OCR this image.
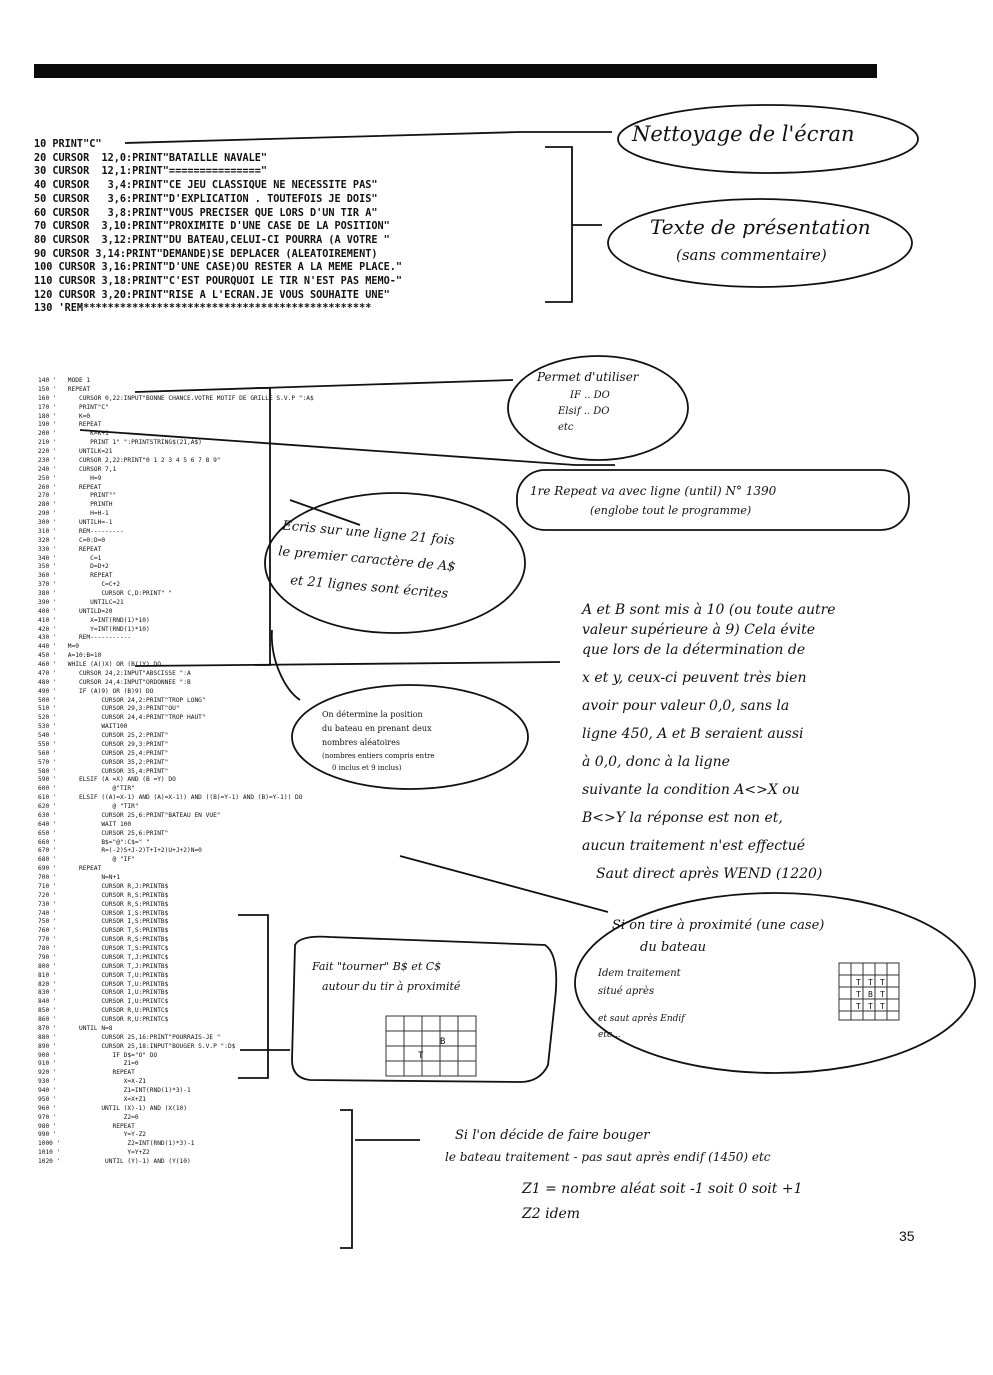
10 PRINT"C"
20 CURSOR  12,0:PRINT"BATAILLE NAVALE"
30 CURSOR  12,1:PRINT"==============="
40 CURSOR   3,4:PRINT"CE JEU CLASSIQUE NE NECESSITE PAS"
50 CURSOR   3,6:PRINT"D'EXPLICATION . TOUTEFOIS JE DOIS"
60 CURSOR   3,8:PRINT"VOUS PRECISER QUE LORS D'UN TIR A"
70 CURSOR  3,10:PRINT"PROXIMITE D'UNE CASE DE LA POSITION"
80 CURSOR  3,12:PRINT"DU BATEAU,CELUI-CI POURRA (A VOTRE "
90 CURSOR 3,14:PRINT"DEMANDE)SE DEPLACER (ALEATOIREMENT)
100 CURSOR 3,16:PRINT"D'UNE CASE)OU RESTER A LA MEME PLACE."
110 CURSOR 3,18:PRINT"C'EST POURQUOI LE TIR N'EST PAS MEMO-"
120 CURSOR 3,20:PRINT"RISE A L'ECRAN.JE VOUS SOUHAITE UNE"
130 'REM***********************************************
140 '   MODE 1
150 '   REPEAT
160 '      CURSOR 0,22:INPUT"BONNE CHANCE.VOTRE MOTIF DE GRILLE S.V.P ":A$
170 '      PRINT"C"
180 '      K=0
190 '      REPEAT
200 '         K=K+1
210 '         PRINT 1" ":PRINTSTRING$(21,A$)
220 '      UNTILK=21
230 '      CURSOR 2,22:PRINT"0 1 2 3 4 5 6 7 8 9"
240 '      CURSOR 7,1
250 '         H=9
260 '      REPEAT
270 '         PRINT""
280 '         PRINTH
290 '         H=H-1
300 '      UNTILH=-1
310 '      REM---------
320 '      C=0:D=0
330 '      REPEAT
340 '         C=1
350 '         D=D+2
360 '         REPEAT
370 '            C=C+2
380 '            CURSOR C,D:PRINT" "
390 '         UNTILC=21
400 '      UNTILD=20
410 '         X=INT(RND(1)*10)
420 '         Y=INT(RND(1)*10)
430 '      REM-----------
440 '   M=0
450 '   A=10:B=10
460 '   WHILE (A()X) OR (B()Y) DO
470 '      CURSOR 24,2:INPUT"ABSCISSE ":A
480 '      CURSOR 24,4:INPUT"ORDONNEE ":B
490 '      IF (A)9) OR (B)9) DO
500 '            CURSOR 24,2:PRINT"TROP LONG"
510 '            CURSOR 29,3:PRINT"OU"
520 '            CURSOR 24,4:PRINT"TROP HAUT"
530 '            WAIT100
540 '            CURSOR 25,2:PRINT"
550 '            CURSOR 29,3:PRINT"
560 '            CURSOR 25,4:PRINT"
570 '            CURSOR 35,2:PRINT"
580 '            CURSOR 35,4:PRINT"
590 '      ELSIF (A =X) AND (B =Y) DO
600 '               @"TIR"
610 '      ELSIF ((A)=X-1) AND (A)=X-1)) AND ((B)=Y-1) AND (B)=Y-1)) DO
620 '               @ "TIR"
630 '            CURSOR 25,6:PRINT"BATEAU EN VUE"
640 '            WAIT 100
650 '            CURSOR 25,6:PRINT"
660 '            B$="@":C$=" "
670 '            R=(-2)S+J-2)T+I+2)U+J+2)N=0
680 '               @ "IF"
690 '      REPEAT
700 '            N=N+1
710 '            CURSOR R,J:PRINTB$
720 '            CURSOR R,S:PRINTB$
730 '            CURSOR R,S:PRINTB$
740 '            CURSOR I,S:PRINTB$
750 '            CURSOR I,S:PRINTB$
760 '            CURSOR T,S:PRINTB$
770 '            CURSOR R,S:PRINTB$
780 '            CURSOR T,S:PRINTC$
790 '            CURSOR T,J:PRINTC$
800 '            CURSOR T,J:PRINTB$
810 '            CURSOR T,U:PRINTB$
820 '            CURSOR T,U:PRINTB$
830 '            CURSOR I,U:PRINTB$
840 '            CURSOR I,U:PRINTC$
850 '            CURSOR R,U:PRINTC$
860 '            CURSOR R,U:PRINTC$
870 '      UNTIL N=8
880 '            CURSOR 25,16:PRINT"POURRAIS-JE "
890 '            CURSOR 25,18:INPUT"BOUGER S.V.P ":D$
900 '               IF D$="O" DO
910 '                  Z1=0
920 '               REPEAT
930 '                  X=X-Z1
940 '                  Z1=INT(RND(1)*3)-1
950 '                  X=X+Z1
960 '            UNTIL (X)-1) AND (X(10)
970 '                  Z2=0
980 '               REPEAT
990 '                  Y=Y-Z2
1000 '                  Z2=INT(RND(1)*3)-1
1010 '                  Y=Y+Z2
1020 '            UNTIL (Y)-1) AND (Y(10)
T T T
T B T
T T T
B
T
Nettoyage de l'écran
Texte de présentation
(sans commentaire)
Permet d'utiliser
IF .. DO
Elsif .. DO
etc
1re Repeat va avec ligne (until) N° 1390
(englobe tout le programme)
Ecris sur une ligne 21 fois
le premier caractère de A$
et 21 lignes sont écrites
A et B sont mis à 10 (ou toute autre
valeur supérieure à 9) Cela évite
que lors de la détermination de
x et y, ceux-ci peuvent très bien
avoir pour valeur 0,0, sans la
ligne 450, A et B seraient aussi
à 0,0, donc à la ligne
suivante la condition A<>X ou
B<>Y la réponse est non et,
aucun traitement n'est effectué
On détermine la position
du bateau en prenant deux
nombres aléatoires
(nombres entiers compris entre
0 inclus et 9 inclus)
Si on tire à proximité (une case)
du bateau
Idem traitement
situé après
et saut après Endif
etc...
Fait "tourner" B$ et C$
autour du tir à proximité
Si l'on décide de faire bouger
le bateau traitement - pas saut après endif (1450) etc
Z1 = nombre aléat soit -1 soit 0 soit +1
Z2 idem
35
Saut direct après WEND (1220)
